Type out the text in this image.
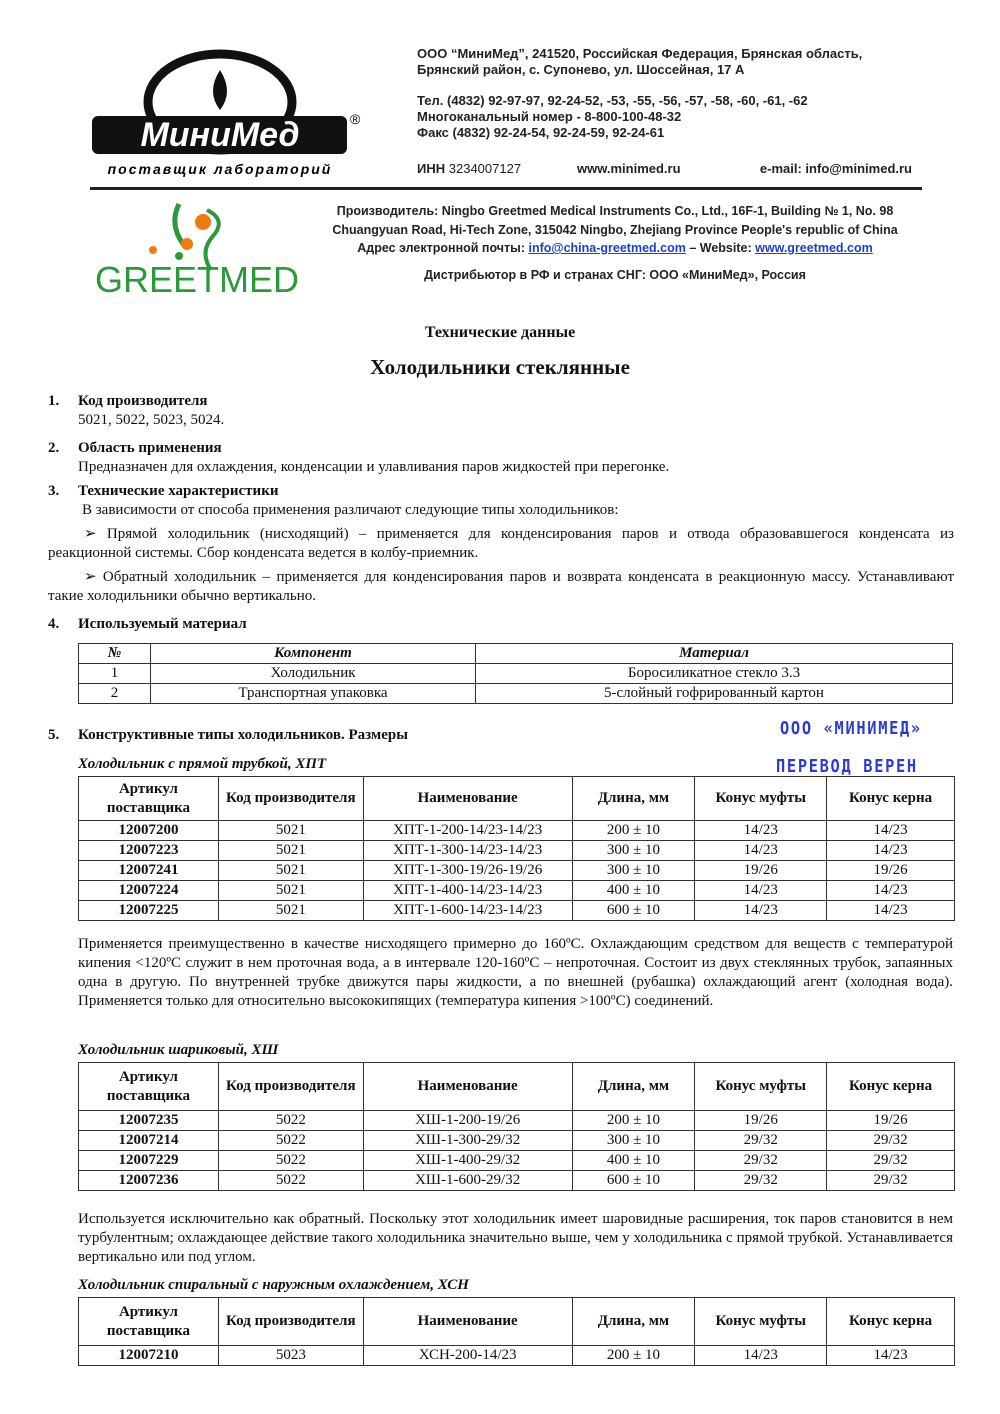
МиниМед	®
поставщик лабораторий
ООО “МиниМед”, 241520, Российская Федерация, Брянская область,
Брянский район, с. Супонево, ул. Шоссейная, 17 А
Тел. (4832) 92-97-97, 92-24-52, -53, -55, -56, -57, -58, -60, -61, -62
Многоканальный номер - 8-800-100-48-32
Факс (4832) 92-24-54, 92-24-59, 92-24-61
ИНН 3234007127	www.minimed.ru	e-mail: info@minimed.ru
GREETMED
Производитель: Ningbo Greetmed Medical Instruments Co., Ltd., 16F-1, Building № 1, No. 98
Chuangyuan Road, Hi-Tech Zone, 315042 Ningbo, Zhejiang Province People's republic of China
Адрес электронной почты: info@china-greetmed.com – Website: www.greetmed.com
Дистрибьютор в РФ и странах СНГ: ООО «МиниМед», Россия
Технические данные
Холодильники стеклянные
1. Код производителя
5021, 5022, 5023, 5024.
2. Область применения
Предназначен для охлаждения, конденсации и улавливания паров жидкостей при перегонке.
3. Технические характеристики
В зависимости от способа применения различают следующие типы холодильников:
➢ Прямой холодильник (нисходящий) – применяется для конденсирования паров и отвода образовавшегося конденсата из реакционной системы. Сбор конденсата ведется в колбу-приемник.
➢ Обратный холодильник – применяется для конденсирования паров и возврата конденсата в реакционную массу. Устанавливают такие холодильники обычно вертикально.
4. Используемый материал
№	Компонент	Материал
1	Холодильник	Боросиликатное стекло 3.3
2	Транспортная упаковка	5-слойный гофрированный картон
5. Конструктивные типы холодильников. Размеры	ООО «МИНИМЕД»
ПЕРЕВОД ВЕРЕН
Холодильник с прямой трубкой, ХПТ
Артикул поставщика	Код производителя	Наименование	Длина, мм	Конус муфты	Конус керна
12007200	5021	ХПТ-1-200-14/23-14/23	200 ± 10	14/23	14/23
12007223	5021	ХПТ-1-300-14/23-14/23	300 ± 10	14/23	14/23
12007241	5021	ХПТ-1-300-19/26-19/26	300 ± 10	19/26	19/26
12007224	5021	ХПТ-1-400-14/23-14/23	400 ± 10	14/23	14/23
12007225	5021	ХПТ-1-600-14/23-14/23	600 ± 10	14/23	14/23
Применяется преимущественно в качестве нисходящего примерно до 160ºС. Охлаждающим средством для веществ с температурой кипения <120ºС служит в нем проточная вода, а в интервале 120-160ºС – непроточная. Состоит из двух стеклянных трубок, запаянных одна в другую. По внутренней трубке движутся пары жидкости, а по внешней (рубашка) охлаждающий агент (холодная вода). Применяется только для относительно высококипящих (температура кипения >100ºС) соединений.
Холодильник шариковый, ХШ
Артикул поставщика	Код производителя	Наименование	Длина, мм	Конус муфты	Конус керна
12007235	5022	ХШ-1-200-19/26	200 ± 10	19/26	19/26
12007214	5022	ХШ-1-300-29/32	300 ± 10	29/32	29/32
12007229	5022	ХШ-1-400-29/32	400 ± 10	29/32	29/32
12007236	5022	ХШ-1-600-29/32	600 ± 10	29/32	29/32
Используется исключительно как обратный. Поскольку этот холодильник имеет шаровидные расширения, ток паров становится в нем турбулентным; охлаждающее действие такого холодильника значительно выше, чем у холодильника с прямой трубкой. Устанавливается вертикально или под углом.
Холодильник спиральный с наружным охлаждением, ХСН
Артикул поставщика	Код производителя	Наименование	Длина, мм	Конус муфты	Конус керна
12007210	5023	ХСН-200-14/23	200 ± 10	14/23	14/23
